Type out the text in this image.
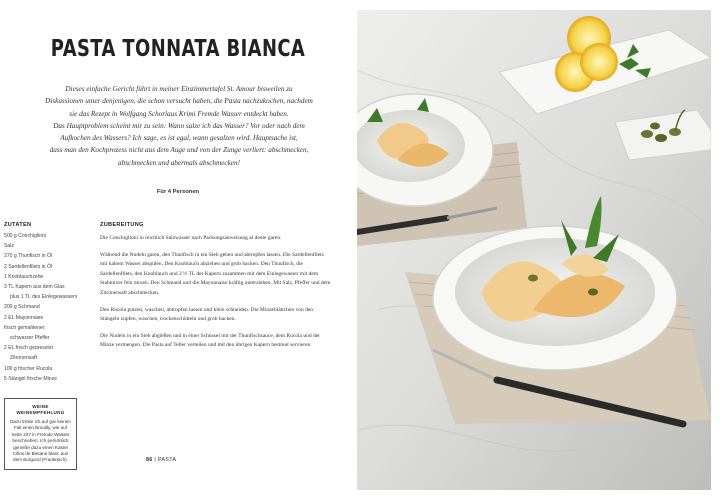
PASTA TONNATA BIANCA
Dieses einfache Gericht führt in meiner Einzimmertafel St. Amour bisweilen zu
Diskussionen unter denjenigen, die schon versucht haben, die Pasta nachzukochen, nachdem
sie das Rezept in Wolfgang Schorlaus Krimi Fremde Wasser entdeckt haben.
Das Hauptproblem scheint mir zu sein: Wann salze ich das Wasser? Vor oder nach dem
Aufkochen des Wassers? Ich sage, es ist egal, wann gesalzen wird. Hauptsache ist,
dass man den Kochprozess nicht aus dem Auge und von der Zunge verliert: abschmecken,
abschmecken und abermals abschmecken!
Für 4 Personen
ZUTATEN
500 g Conchiglioni
Salz
370 g Thunfisch in Öl
2 Sardellenfilets in Öl
1 Knoblauchzehe
3 TL Kapern aus dem Glas
plus 1 TL des Einlegewassers
200 g Schmand
2 EL Mayonnaise
frisch gemahlener
schwarzer Pfeffer
2 EL frisch gepresster
Zitronensaft
100 g frischer Rucola
5 Stängel frische Minze
ZUBEREITUNG

Die Conchiglioni in reichlich Salzwasser nach Packungsanweisung al dente garen.

Während die Nudeln garen, den Thunfisch in ein Sieb geben und abtropfen lassen. Die Sardellenfilets mit kaltem Wasser abspülen. Den Knoblauch abziehen und grob hacken. Den Thunfisch, die Sardellenfilets, den Knoblauch und 2 ½ TL der Kapern zusammen mit dem Einlegewasser mit dem Stabmixer fein mixen. Den Schmand und die Mayonnaise kräftig unterziehen. Mit Salz, Pfeffer und dem Zitronensaft abschmecken.

Den Rucola putzen, waschen, abtropfen lassen und klein schneiden. Die Minzeblättchen von den Stängeln zupfen, waschen, trockenschütteln und grob hacken.

Die Nudeln in ein Sieb abgießen und in einer Schüssel mit der Thunfischsauce, dem Rucola und der Minze vermengen. Die Pasta auf Teller verteilen und mit den übrigen Kapern bestreut servieren.

WEINE
WEINEMPFEHLUNG
Dazu trinke ich auf gar keinen Fall einen Brouilly, wie auf Seite 237 in Fremde Wasser beschrieben. Ich persönlich genieße dazu einen Kastel Cillos de Besane blanc aus dem Burgund (Frankreich).	86 | PASTA
